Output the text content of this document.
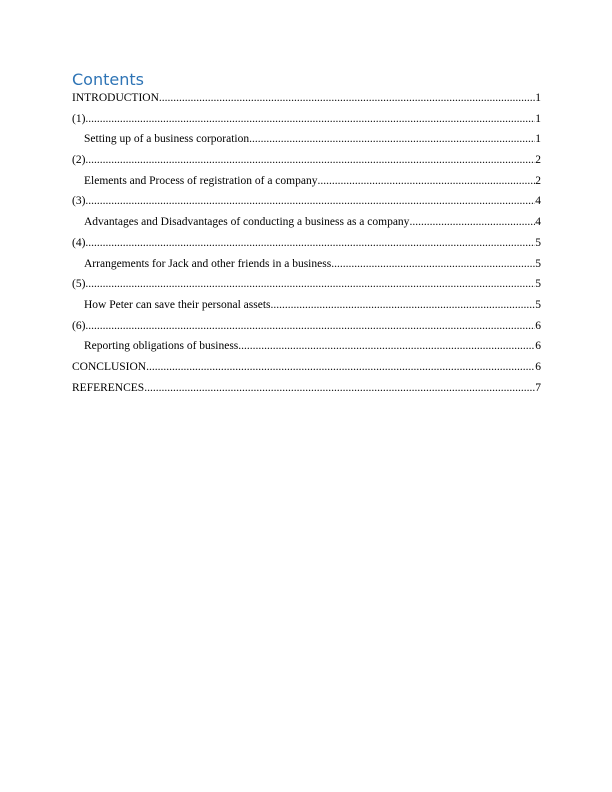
Contents
INTRODUCTION .....	1
(1) .....	1
Setting up of a business corporation .....	1
(2) .....	2
Elements and Process of registration of a company .....	2
(3) .....	4
Advantages and Disadvantages of conducting a business as a company .....	4
(4) .....	5
Arrangements for Jack and other friends in a business .....	5
(5) .....	5
How Peter can save their personal assets .....	5
(6) .....	6
Reporting obligations of business .....	6
CONCLUSION .....	6
REFERENCES .....	7
